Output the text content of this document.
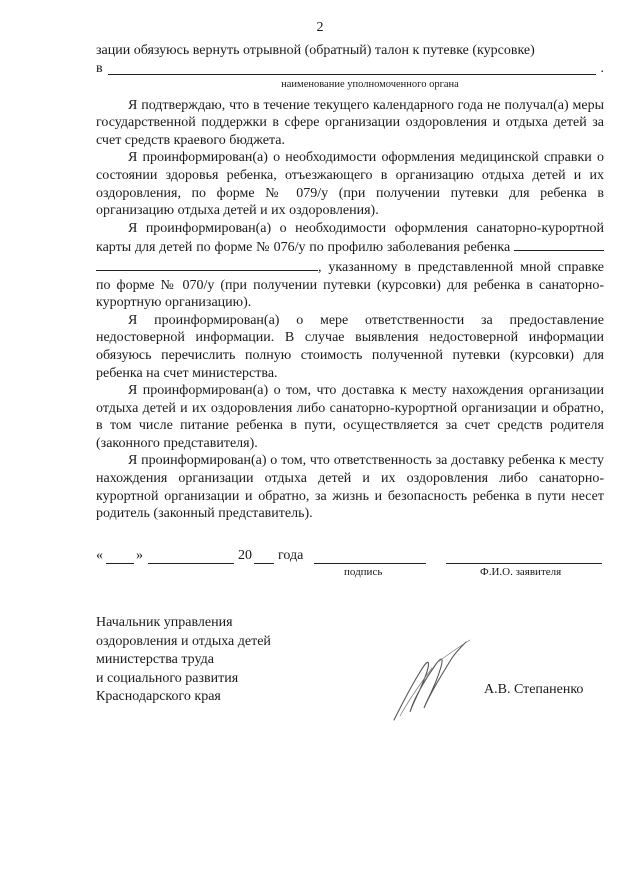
2

зации обязуюсь вернуть отрывной (обратный) талон к путевке (курсовке)

в	.
наименование уполномоченного органа

Я подтверждаю, что в течение текущего календарного года не получал(а) меры государственной поддержки в сфере организации оздоровления и отдыха детей за счет средств краевого бюджета.

Я проинформирован(а) о необходимости оформления медицинской справки о состоянии здоровья ребенка, отъезжающего в организацию отдыха детей и их оздоровления, по форме № 079/у (при получении путевки для ребенка в организацию отдыха детей и их оздоровления).

Я проинформирован(а) о необходимости оформления санаторно-курортной карты для детей по форме № 076/у по профилю заболевания ребенка  , указанному в представленной мной справке по форме № 070/у (при получении путевки (курсовки) для ребенка в санаторно-курортную организацию).

Я проинформирован(а) о мере ответственности за предоставление недостоверной информации. В случае выявления недостоверной информации обязуюсь перечислить полную стоимость полученной путевки (курсовки) для ребенка на счет министерства.

Я проинформирован(а) о том, что доставка к месту нахождения организации отдыха детей и их оздоровления либо санаторно-курортной организации и обратно, в том числе питание ребенка в пути, осуществляется за счет средств родителя (законного представителя).

Я проинформирован(а) о том, что ответственность за доставку ребенка к месту нахождения организации отдыха детей и их оздоровления либо санаторно-курортной организации и обратно, за жизнь и безопасность ребенка в пути несет родитель (законный представитель).

« »	20 года
подпись	Ф.И.О. заявителя
Начальник управления
оздоровления и отдыха детей
министерства труда
и социального развития
Краснодарского края	А.В. Степаненко
